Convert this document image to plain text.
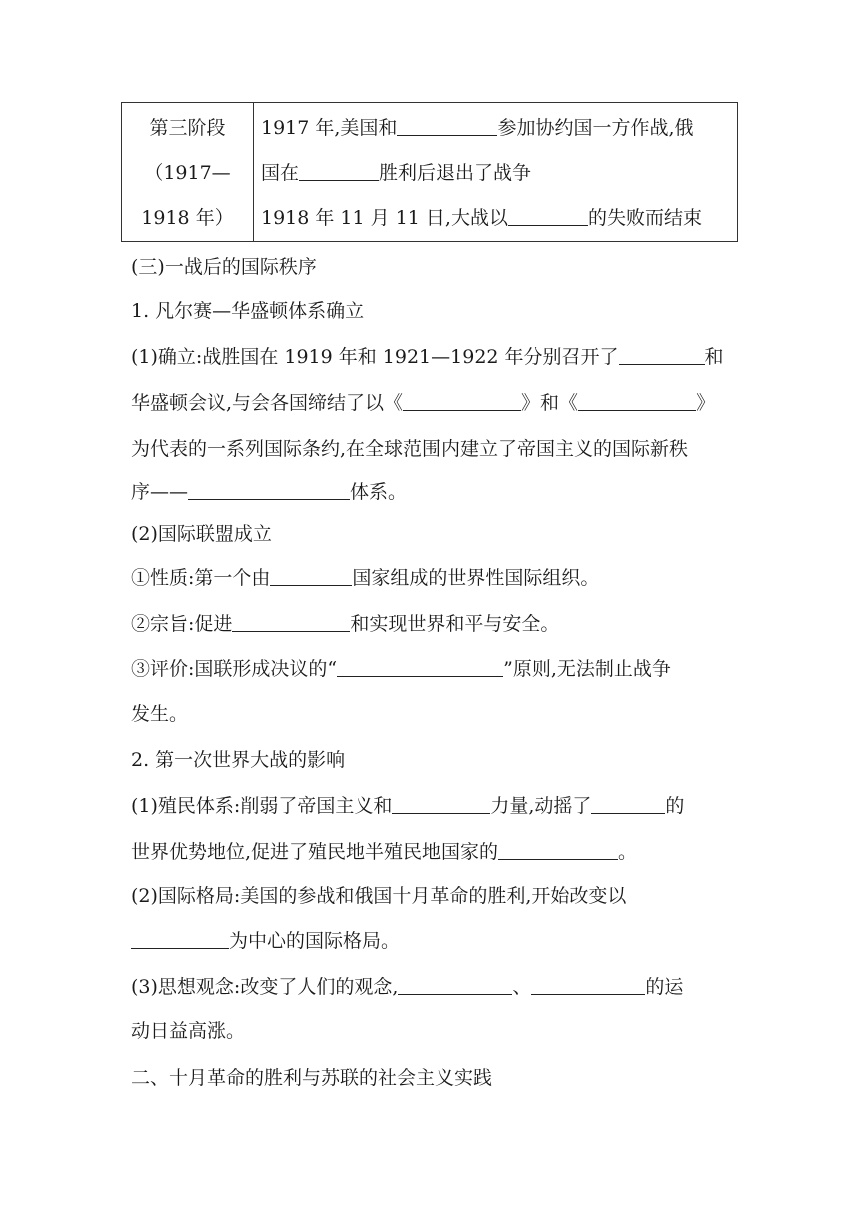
第三阶段
（1917—
1918 年）

1917 年,美国和	参加协约国一方作战,俄
国在	胜利后退出了战争
1918 年 11 月 11 日,大战以	的失败而结束
(三)一战后的国际秩序
1. 凡尔赛—华盛顿体系确立
(1)确立:战胜国在 1919 年和 1921—1922 年分别召开了	和
华盛顿会议,与会各国缔结了以《	》和《	》
为代表的一系列国际条约,在全球范围内建立了帝国主义的国际新秩
序——	体系。
(2)国际联盟成立
①性质:第一个由	国家组成的世界性国际组织。
②宗旨:促进	和实现世界和平与安全。
③评价:国联形成决议的“	”原则,无法制止战争
发生。
2. 第一次世界大战的影响
(1)殖民体系:削弱了帝国主义和	力量,动摇了	的
世界优势地位,促进了殖民地半殖民地国家的	。
(2)国际格局:美国的参战和俄国十月革命的胜利,开始改变以
为中心的国际格局。
(3)思想观念:改变了人们的观念,	、	的运
动日益高涨。
二、十月革命的胜利与苏联的社会主义实践
